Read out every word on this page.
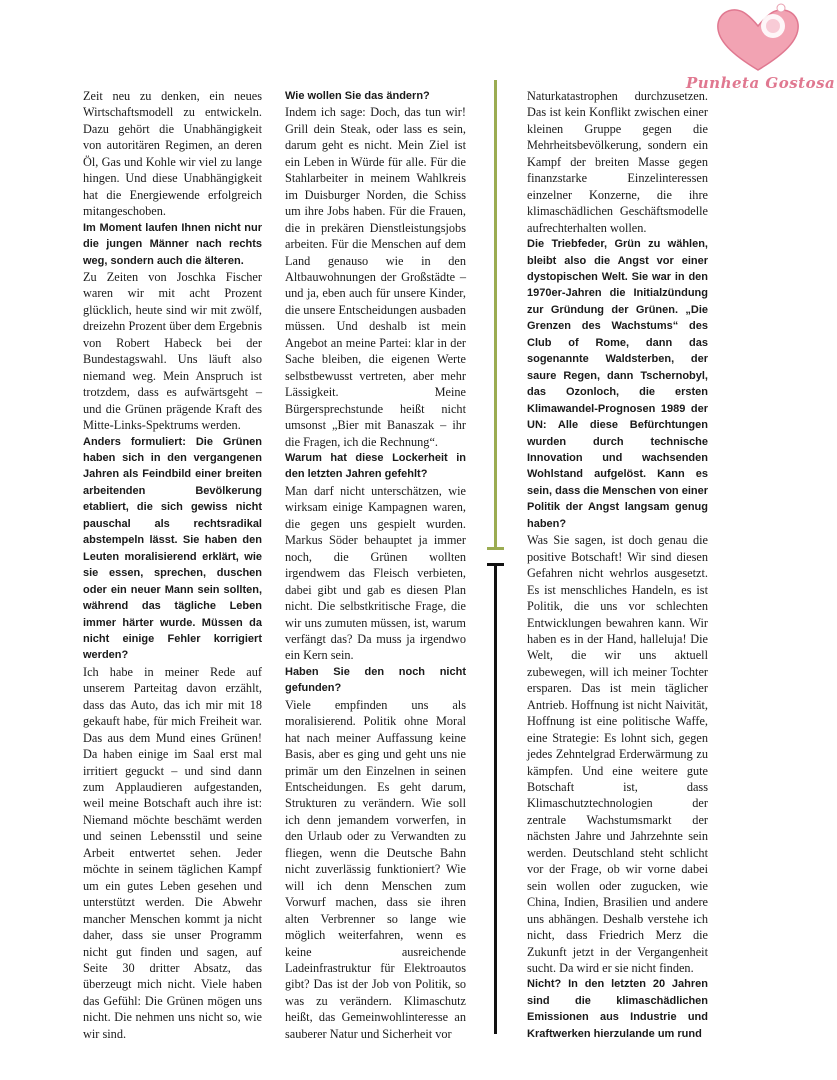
Zeit neu zu denken, ein neues Wirtschaftsmodell zu entwickeln. Dazu gehört die Unabhängigkeit von autoritären Regimen, an deren Öl, Gas und Kohle wir viel zu lange hingen. Und diese Unabhängigkeit hat die Energiewende erfolgreich mitangeschoben.

Im Moment laufen Ihnen nicht nur die jungen Männer nach rechts weg, sondern auch die älteren.

Zu Zeiten von Joschka Fischer waren wir mit acht Prozent glücklich, heute sind wir mit zwölf, dreizehn Prozent über dem Ergebnis von Robert Habeck bei der Bundestagswahl. Uns läuft also niemand weg. Mein Anspruch ist trotzdem, dass es aufwärtsgeht – und die Grünen prägende Kraft des Mitte-Links-Spektrums werden.

Anders formuliert: Die Grünen haben sich in den vergangenen Jahren als Feindbild einer breiten arbeitenden Bevölkerung etabliert, die sich gewiss nicht pauschal als rechtsradikal abstempeln lässt. Sie haben den Leuten moralisierend erklärt, wie sie essen, sprechen, duschen oder ein neuer Mann sein sollten, während das tägliche Leben immer härter wurde. Müssen da nicht einige Fehler korrigiert werden?

Ich habe in meiner Rede auf unserem Parteitag davon erzählt, dass das Auto, das ich mir mit 18 gekauft habe, für mich Freiheit war. Das aus dem Mund eines Grünen! Da haben einige im Saal erst mal irritiert geguckt – und sind dann zum Applaudieren aufgestanden, weil meine Botschaft auch ihre ist: Niemand möchte beschämt werden und seinen Lebensstil und seine Arbeit entwertet sehen. Jeder möchte in seinem täglichen Kampf um ein gutes Leben gesehen und unterstützt werden. Die Abwehr mancher Menschen kommt ja nicht daher, dass sie unser Programm nicht gut finden und sagen, auf Seite 30 dritter Absatz, das überzeugt mich nicht. Viele haben das Gefühl: Die Grünen mögen uns nicht. Die nehmen uns nicht so, wie wir sind.

Wie wollen Sie das ändern?

Indem ich sage: Doch, das tun wir! Grill dein Steak, oder lass es sein, darum geht es nicht. Mein Ziel ist ein Leben in Würde für alle. Für die Stahlarbeiter in meinem Wahlkreis im Duisburger Norden, die Schiss um ihre Jobs haben. Für die Frauen, die in prekären Dienstleistungsjobs arbeiten. Für die Menschen auf dem Land genauso wie in den Altbauwohnungen der Großstädte – und ja, eben auch für unsere Kinder, die unsere Entscheidungen ausbaden müssen. Und deshalb ist mein Angebot an meine Partei: klar in der Sache bleiben, die eigenen Werte selbstbewusst vertreten, aber mehr Lässigkeit. Meine Bürgersprechstunde heißt nicht umsonst „Bier mit Banaszak – ihr die Fragen, ich die Rechnung“.

Warum hat diese Lockerheit in den letzten Jahren gefehlt?

Man darf nicht unterschätzen, wie wirksam einige Kampagnen waren, die gegen uns gespielt wurden. Markus Söder behauptet ja immer noch, die Grünen wollten irgendwem das Fleisch verbieten, dabei gibt und gab es diesen Plan nicht. Die selbstkritische Frage, die wir uns zumuten müssen, ist, warum verfängt das? Da muss ja irgendwo ein Kern sein.

Haben Sie den noch nicht gefunden?

Viele empfinden uns als moralisierend. Politik ohne Moral hat nach meiner Auffassung keine Basis, aber es ging und geht uns nie primär um den Einzelnen in seinen Entscheidungen. Es geht darum, Strukturen zu verändern. Wie soll ich denn jemandem vorwerfen, in den Urlaub oder zu Verwandten zu fliegen, wenn die Deutsche Bahn nicht zuverlässig funktioniert? Wie will ich denn Menschen zum Vorwurf machen, dass sie ihren alten Verbrenner so lange wie möglich weiterfahren, wenn es keine ausreichende Ladeinfrastruktur für Elektroautos gibt? Das ist der Job von Politik, so was zu verändern. Klimaschutz heißt, das Gemeinwohlinteresse an sauberer Natur und Sicherheit vor

Naturkatastrophen durchzusetzen. Das ist kein Konflikt zwischen einer kleinen Gruppe gegen die Mehrheitsbevölkerung, sondern ein Kampf der breiten Masse gegen finanzstarke Einzelinteressen einzelner Konzerne, die ihre klimaschädlichen Geschäftsmodelle aufrechterhalten wollen.

Die Triebfeder, Grün zu wählen, bleibt also die Angst vor einer dystopischen Welt. Sie war in den 1970er-Jahren die Initialzündung zur Gründung der Grünen. „Die Grenzen des Wachstums“ des Club of Rome, dann das sogenannte Waldsterben, der saure Regen, dann Tschernobyl, das Ozonloch, die ersten Klimawandel-Prognosen 1989 der UN: Alle diese Befürchtungen wurden durch technische Innovation und wachsenden Wohlstand aufgelöst. Kann es sein, dass die Menschen von einer Politik der Angst langsam genug haben?

Was Sie sagen, ist doch genau die positive Botschaft! Wir sind diesen Gefahren nicht wehrlos ausgesetzt. Es ist menschliches Handeln, es ist Politik, die uns vor schlechten Entwicklungen bewahren kann. Wir haben es in der Hand, halleluja! Die Welt, die wir uns aktuell zubewegen, will ich meiner Tochter ersparen. Das ist mein täglicher Antrieb. Hoffnung ist nicht Naivität, Hoffnung ist eine politische Waffe, eine Strategie: Es lohnt sich, gegen jedes Zehntelgrad Erderwärmung zu kämpfen. Und eine weitere gute Botschaft ist, dass Klimaschutztechnologien der zentrale Wachstumsmarkt der nächsten Jahre und Jahrzehnte sein werden. Deutschland steht schlicht vor der Frage, ob wir vorne dabei sein wollen oder zugucken, wie China, Indien, Brasilien und andere uns abhängen. Deshalb verstehe ich nicht, dass Friedrich Merz die Zukunft jetzt in der Vergangenheit sucht. Da wird er sie nicht finden.

Nicht? In den letzten 20 Jahren sind die klimaschädlichen Emissionen aus Industrie und Kraftwerken hierzulande um rund

Punheta Gostosa
